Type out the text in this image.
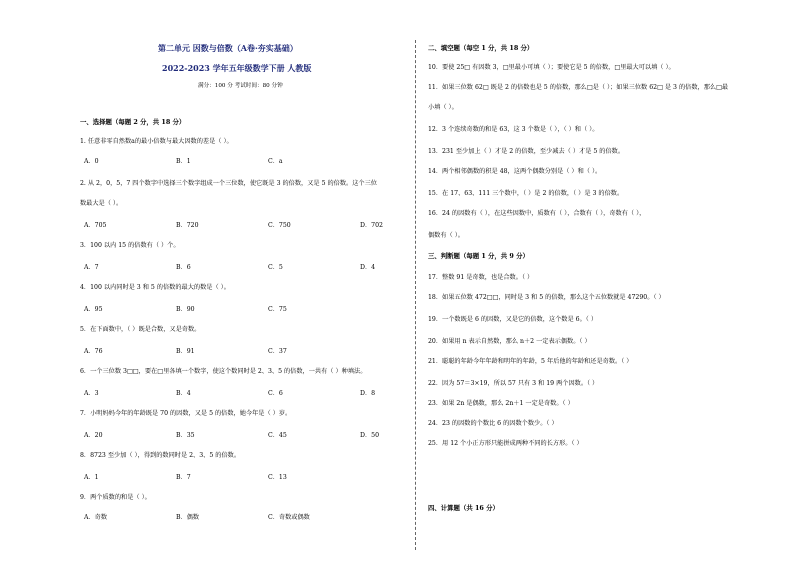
第二单元 因数与倍数（A卷·夯实基础）
2022-2023 学年五年级数学下册 人教版
满分：100 分 考试时间：80 分钟
一、选择题（每题 2 分，共 18 分）
1. 任意非零自然数a的最小倍数与最大因数的差是（ ）。
A．0	B．1	C．a
2. 从 2，0，5，7 四个数字中选择三个数字组成一个三位数，使它既是 3 的倍数，又是 5 的倍数。这个三位
数最大是（ ）。
A．705	B．720	C．750	D．702
3．100 以内 15 的倍数有（ ）个。
A．7	B．6	C．5	D．4
4．100 以内同时是 3 和 5 的倍数的最大的数是（ ）。
A．95	B．90	C．75
5．在下面数中，（ ）既是合数，又是奇数。
A．76	B．91	C．37
6．一个三位数 3□□，要在□里各填一个数字，使这个数同时是 2、3、5 的倍数，一共有（ ）种填法。
A．3	B．4	C．6	D．8
7．小明妈妈今年的年龄既是 70 的因数，又是 5 的倍数，她今年是（ ）岁。
A．20	B．35	C．45	D．50
8．8723 至少加（ ），得到的数同时是 2、3、5 的倍数。
A．1	B．7	C．13
9．两个质数的和是（ ）。
A．奇数	B．偶数	C．奇数或偶数
二、填空题（每空 1 分，共 18 分）
10．要使 25□ 有因数 3，□里最小可填（ ）；要使它是 5 的倍数，□里最大可以填（ ）。
11．如果三位数 62□ 既是 2 的倍数也是 5 的倍数，那么□是（ ）；如果三位数 62□ 是 3 的倍数，那么□最
小填（ ）。
12．3 个连续奇数的和是 63，这 3 个数是（ ），（ ）和（ ）。
13．231 至少加上（ ）才是 2 的倍数，至少减去（ ）才是 5 的倍数。
14．两个相邻偶数的积是 48，这两个偶数分别是（ ）和（ ）。
15．在 17、63、111 三个数中，（ ）是 2 的倍数，（ ）是 3 的倍数。
16．24 的因数有（ ），在这些因数中，质数有（ ），合数有（ ），奇数有（ ），
偶数有（ ）。
三、判断题（每题 1 分，共 9 分）
17．整数 91 是奇数，也是合数。（ ）
18．如果五位数 472□□，同时是 3 和 5 的倍数，那么这个五位数就是 47290。（ ）
19．一个数既是 6 的因数，又是它的倍数，这个数是 6。（ ）
20．如果用 n 表示自然数，那么 n＋2 一定表示偶数。（ ）
21．聪聪的年龄今年年龄和明年的年龄，5 年后他的年龄和还是奇数。（ ）
22．因为 57＝3×19，所以 57 只有 3 和 19 两个因数。（ ）
23．如果 2n 是偶数，那么 2n＋1 一定是奇数。（ ）
24．23 的因数的个数比 6 的因数个数少。（ ）
25．用 12 个小正方形只能拼成两种不同的长方形。（ ）
四、计算题（共 16 分）
